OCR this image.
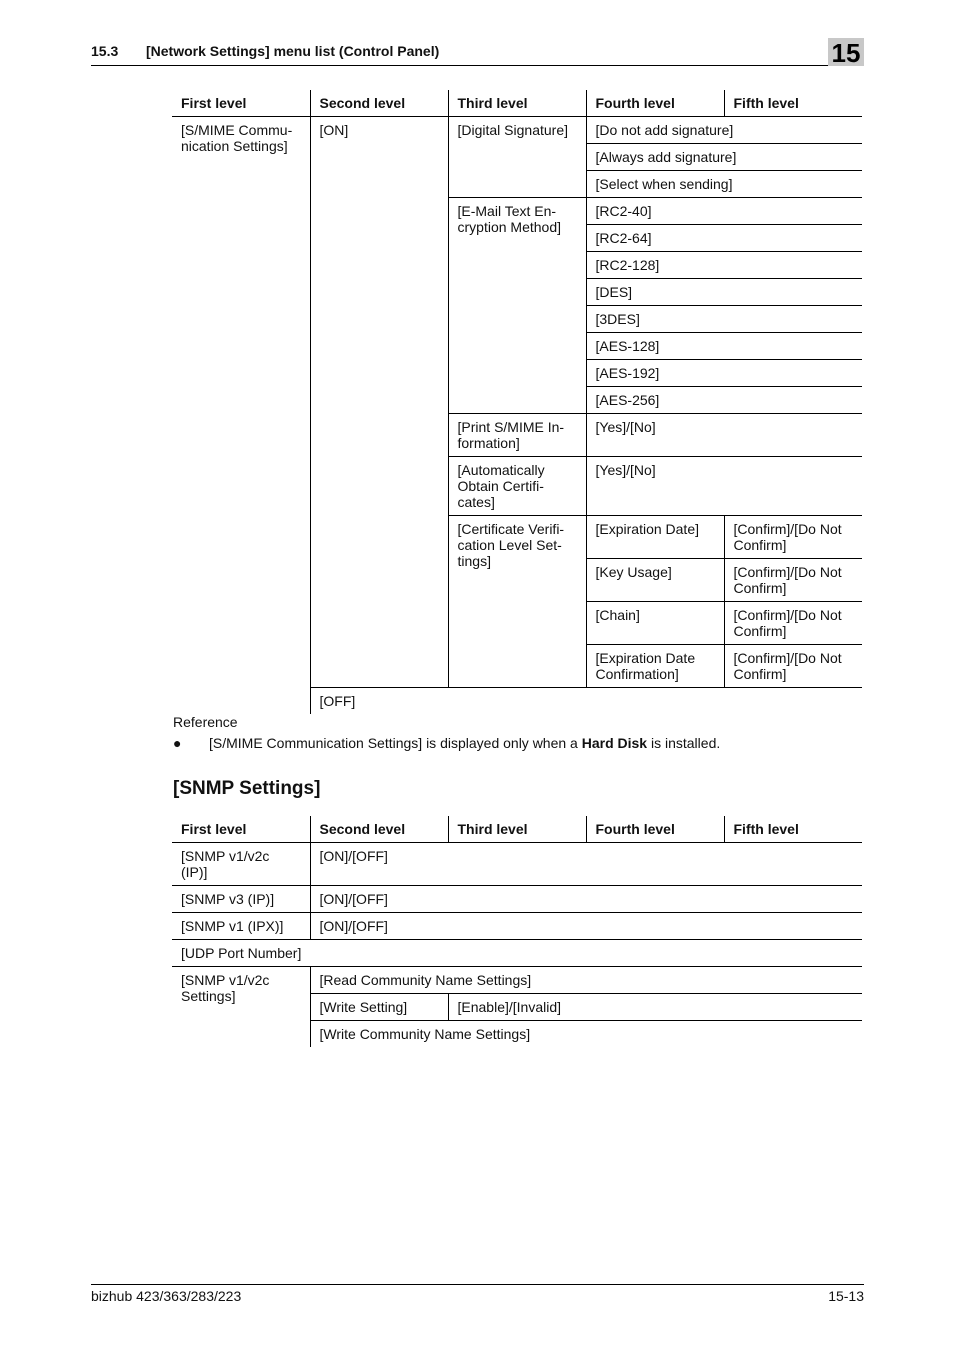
15.3 [Network Settings] menu list (Control Panel)	15
First level	Second level	Third level	Fourth level	Fifth level
[S/MIME Commu-
nication Settings]	[ON]	[Digital Signature]	[Do not add signature]	
			[Always add signature]	
			[Select when sending]	
		[E-Mail Text En-
cryption Method]	[RC2-40]	
			[RC2-64]	
			[RC2-128]	
			[DES]	
			[3DES]	
			[AES-128]	
			[AES-192]	
			[AES-256]	
		[Print S/MIME In-
formation]	[Yes]/[No]	
		[Automatically
Obtain Certifi-
cates]	[Yes]/[No]	
		[Certificate Verifi-
cation Level Set-
tings]	[Expiration Date]	[Confirm]/[Do Not
Confirm]
			[Key Usage]	[Confirm]/[Do Not
Confirm]
			[Chain]	[Confirm]/[Do Not
Confirm]
			[Expiration Date
Confirmation]	[Confirm]/[Do Not
Confirm]

	[OFF]			
Reference
● [S/MIME Communication Settings] is displayed only when a Hard Disk is installed.
[SNMP Settings]
First level	Second level	Third level	Fourth level	Fifth level
[SNMP v1/v2c
(IP)]	[ON]/[OFF]			
[SNMP v3 (IP)]	[ON]/[OFF]			
[SNMP v1 (IPX)]	[ON]/[OFF]			
[UDP Port Number]				
[SNMP v1/v2c
Settings]	[Read Community Name Settings]			
	[Write Setting]	[Enable]/[Invalid]		
	[Write Community Name Settings]			
bizhub 423/363/283/223	15-13
